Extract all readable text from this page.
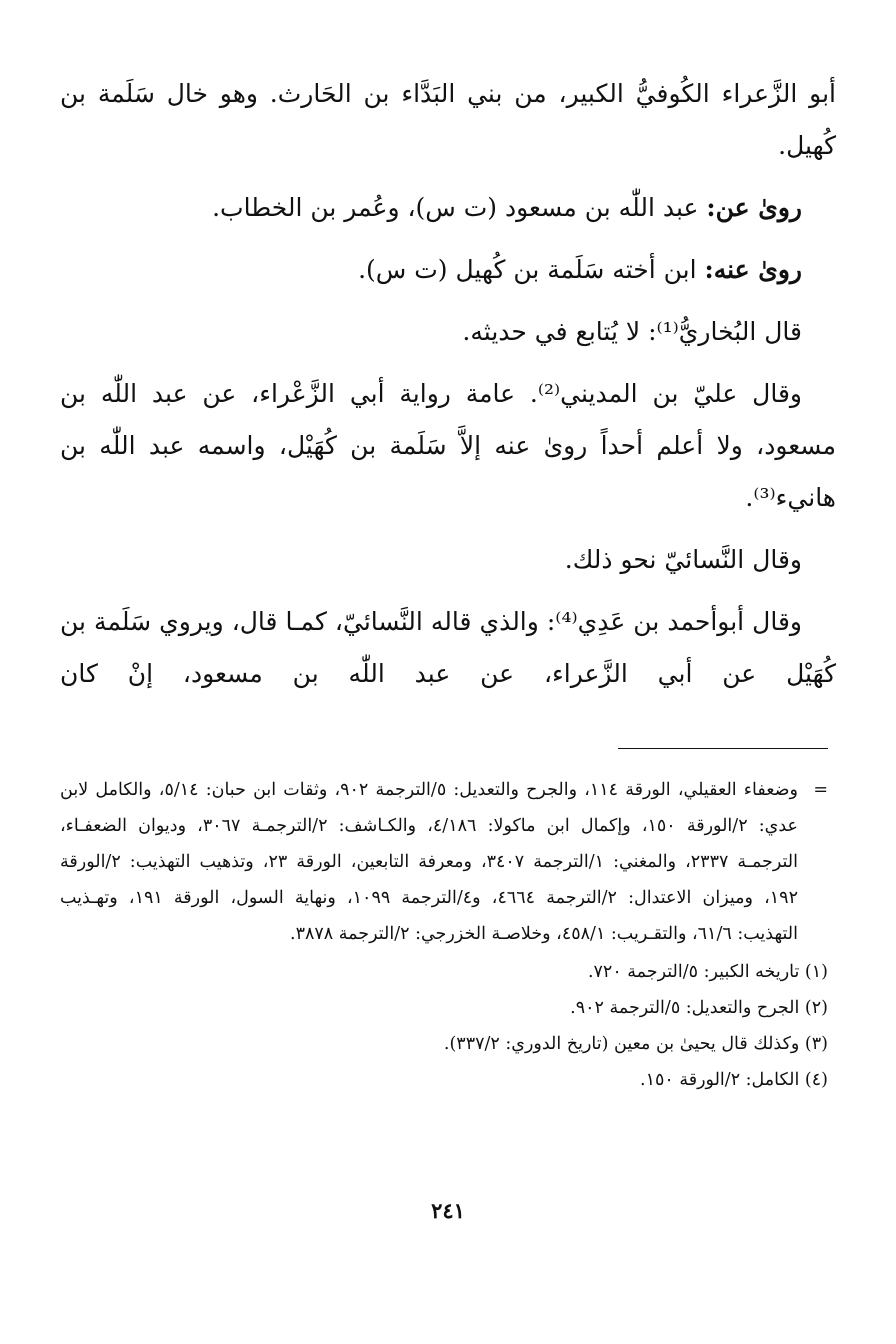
أبو الزَّعراء الكُوفيُّ الكبير، من بني البَدَّاء بن الحَارث. وهو خال سَلَمة بن كُهيل.

روىٰ عن: عبد اللّٰه بن مسعود (ت س)، وعُمر بن الخطاب.

روىٰ عنه: ابن أخته سَلَمة بن كُهيل (ت س).

قال البُخاريُّ⁽¹⁾: لا يُتابع في حديثه.

وقال عليّ بن المديني⁽²⁾. عامة رواية أبي الزَّعْراء، عن عبد اللّٰه بن مسعود، ولا أعلم أحداً روىٰ عنه إلاَّ سَلَمة بن كُهَيْل، واسمه عبد اللّٰه بن هانيء⁽³⁾.

وقال النَّسائيّ نحو ذلك.

وقال أبوأحمد بن عَدِي⁽⁴⁾: والذي قاله النَّسائيّ، كمـا قال، ويروي سَلَمة بن كُهَيْل عن أبي الزَّعراء، عن عبد اللّٰه بن مسعود، إنْ كان

=
وضعفاء العقيلي، الورقة ١١٤، والجرح والتعديل: ٥/الترجمة ٩٠٢، وثقات ابن حبان: ٥/١٤، والكامل لابن عدي: ٢/الورقة ١٥٠، وإكمال ابن ماكولا: ٤/١٨٦، والكـاشف: ٢/الترجمـة ٣٠٦٧، وديوان الضعفـاء، الترجمـة ٢٣٣٧، والمغني: ١/الترجمة ٣٤٠٧، ومعرفة التابعين، الورقة ٢٣، وتذهيب التهذيب: ٢/الورقة ١٩٢، وميزان الاعتدال: ٢/الترجمة ٤٦٦٤، و٤/الترجمة ١٠٩٩، ونهاية السول، الورقة ١٩١، وتهـذيب التهذيب: ٦١/٦، والتقـريب: ٤٥٨/١، وخلاصـة الخزرجي: ٢/الترجمة ٣٨٧٨.

(١) تاريخه الكبير: ٥/الترجمة ٧٢٠.

(٢) الجرح والتعديل: ٥/الترجمة ٩٠٢.

(٣) وكذلك قال يحيىٰ بن معين (تاريخ الدوري: ٣٣٧/٢).

(٤) الكامل: ٢/الورقة ١٥٠.

٢٤١
